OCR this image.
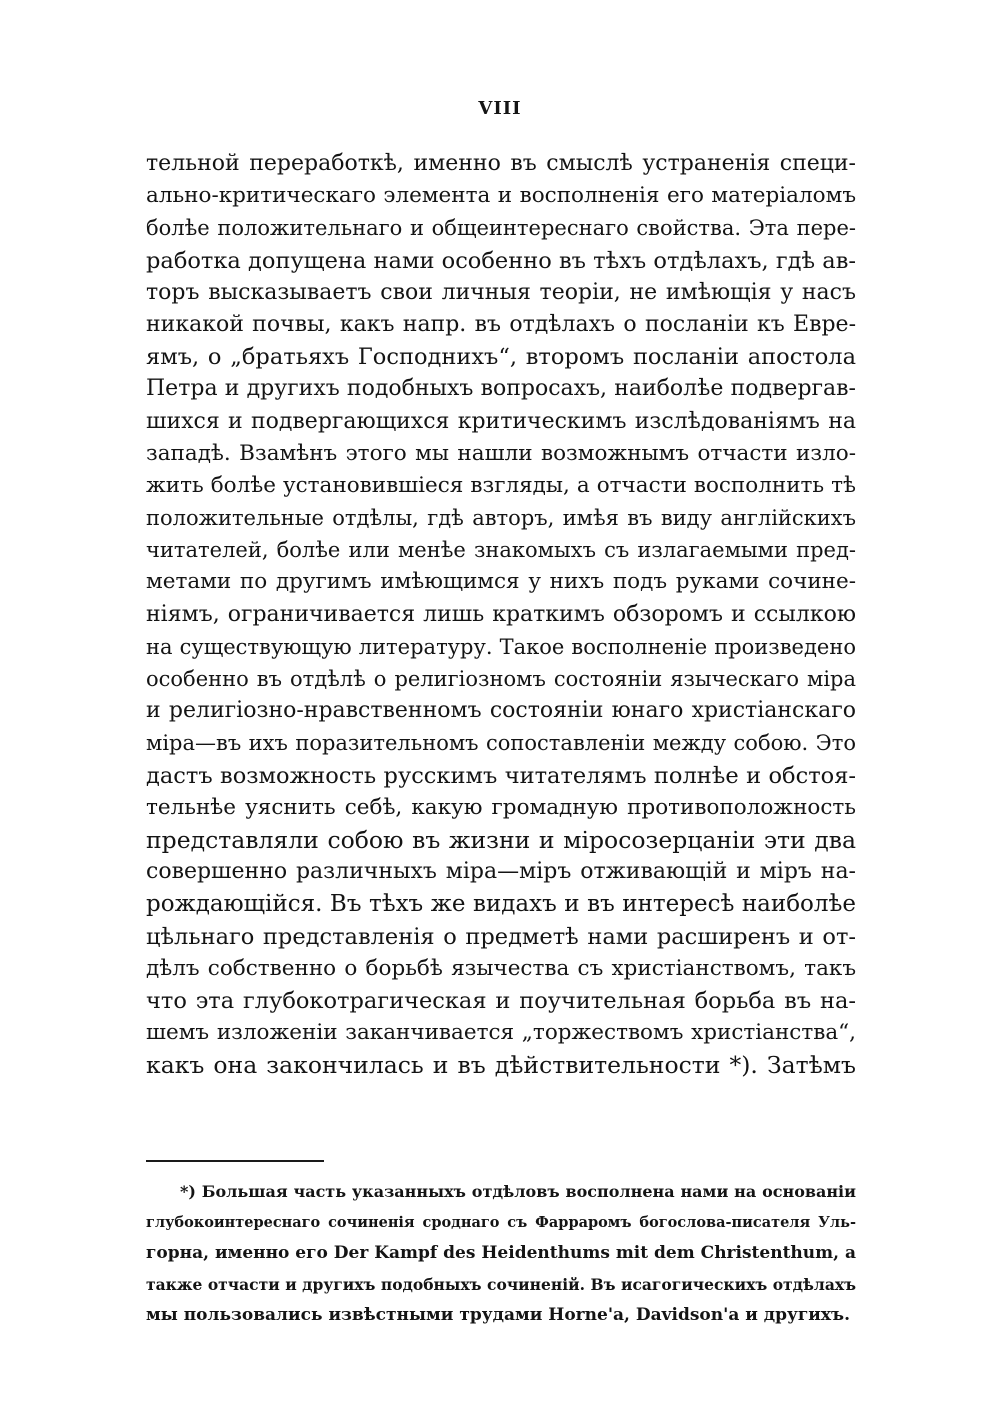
VIII
тельной переработкѣ, именно въ смыслѣ устраненія специ-
ально-критическаго элемента и восполненія его матеріаломъ
болѣе положительнаго и общеинтереснаго свойства. Эта пере-
работка допущена нами особенно въ тѣхъ отдѣлахъ, гдѣ ав-
торъ высказываетъ свои личныя теоріи, не имѣющія у насъ
никакой почвы, какъ напр. въ отдѣлахъ о посланіи къ Евре-
ямъ, о „братьяхъ Господнихъ“, второмъ посланіи апостола
Петра и другихъ подобныхъ вопросахъ, наиболѣе подвергав-
шихся и подвергающихся критическимъ изслѣдованіямъ на
западѣ. Взамѣнъ этого мы нашли возможнымъ отчасти изло-
жить болѣе установившіеся взгляды, а отчасти восполнить тѣ
положительные отдѣлы, гдѣ авторъ, имѣя въ виду англійскихъ
читателей, болѣе или менѣе знакомыхъ съ излагаемыми пред-
метами по другимъ имѣющимся у нихъ подъ руками сочине-
ніямъ, ограничивается лишь краткимъ обзоромъ и ссылкою
на существующую литературу. Такое восполненіе произведено
особенно въ отдѣлѣ о религіозномъ состояніи языческаго міра
и религіозно-нравственномъ состояніи юнаго христіанскаго
міра—въ ихъ поразительномъ сопоставленіи между собою. Это
дастъ возможность русскимъ читателямъ полнѣе и обстоя-
тельнѣе уяснить себѣ, какую громадную противоположность
представляли собою въ жизни и міросозерцаніи эти два
совершенно различныхъ міра—міръ отживающій и міръ на-
рождающійся. Въ тѣхъ же видахъ и въ интересѣ наиболѣе
цѣльнаго представленія о предметѣ нами расширенъ и от-
дѣлъ собственно о борьбѣ язычества съ христіанствомъ, такъ
что эта глубокотрагическая и поучительная борьба въ на-
шемъ изложеніи заканчивается „торжествомъ христіанства“,
какъ она закончилась и въ дѣйствительности *). Затѣмъ
*) Большая часть указанныхъ отдѣловъ восполнена нами на основаніи
глубокоинтереснаго сочиненія сроднаго съ Фарраромъ богослова-писателя Уль-
горна, именно его Der Kampf des Heidenthums mit dem Christenthum, а
также отчасти и другихъ подобныхъ сочиненій. Въ исагогическихъ отдѣлахъ
мы пользовались извѣстными трудами Horne'a, Davidson'a и другихъ.
